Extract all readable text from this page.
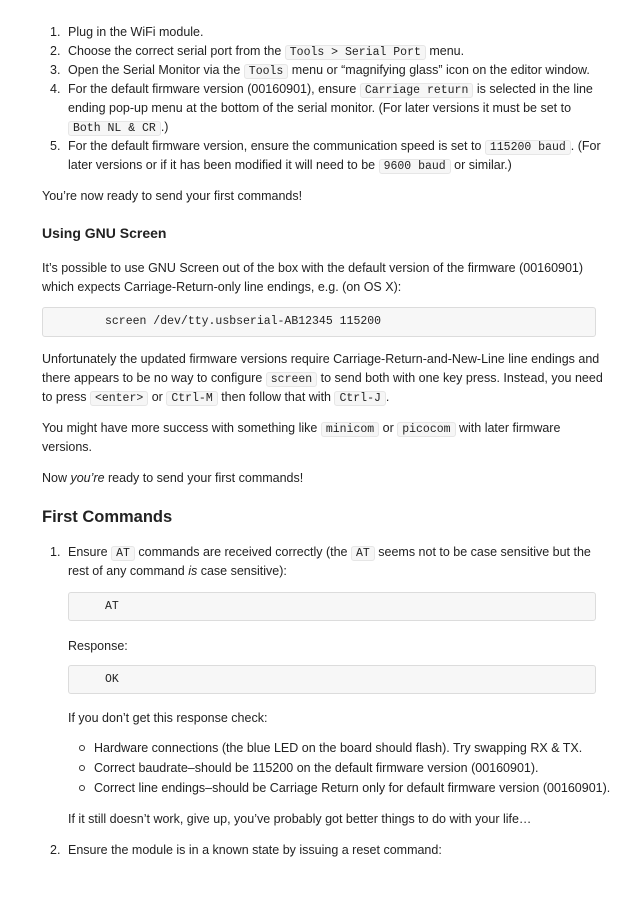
1. Plug in the WiFi module.
2. Choose the correct serial port from the Tools > Serial Port menu.
3. Open the Serial Monitor via the Tools menu or “magnifying glass” icon on the editor window.
4. For the default firmware version (00160901), ensure Carriage return is selected in the line
ending pop-up menu at the bottom of the serial monitor. (For later versions it must be set to
Both NL & CR .)
5. For the default firmware version, ensure the communication speed is set to 115200 baud . (For
later versions or if it has been modified it will need to be 9600 baud or similar.)
You’re now ready to send your first commands!
Using GNU Screen
It’s possible to use GNU Screen out of the box with the default version of the firmware (00160901)
which expects Carriage-Return-only line endings, e.g. (on OS X):
screen /dev/tty.usbserial-AB12345 115200
Unfortunately the updated firmware versions require Carriage-Return-and-New-Line line endings and
there appears to be no way to configure screen to send both with one key press. Instead, you need
to press <enter> or Ctrl-M then follow that with Ctrl-J .
You might have more success with something like minicom or picocom with later firmware
versions.
Now you’re ready to send your first commands!
First Commands
1. Ensure AT commands are received correctly (the AT seems not to be case sensitive but the
rest of any command is case sensitive):
AT
Response:
OK
If you don’t get this response check:
Hardware connections (the blue LED on the board should flash). Try swapping RX & TX.
Correct baudrate–should be 115200 on the default firmware version (00160901).
Correct line endings–should be Carriage Return only for default firmware version (00160901).
If it still doesn’t work, give up, you’ve probably got better things to do with your life…
2. Ensure the module is in a known state by issuing a reset command:
